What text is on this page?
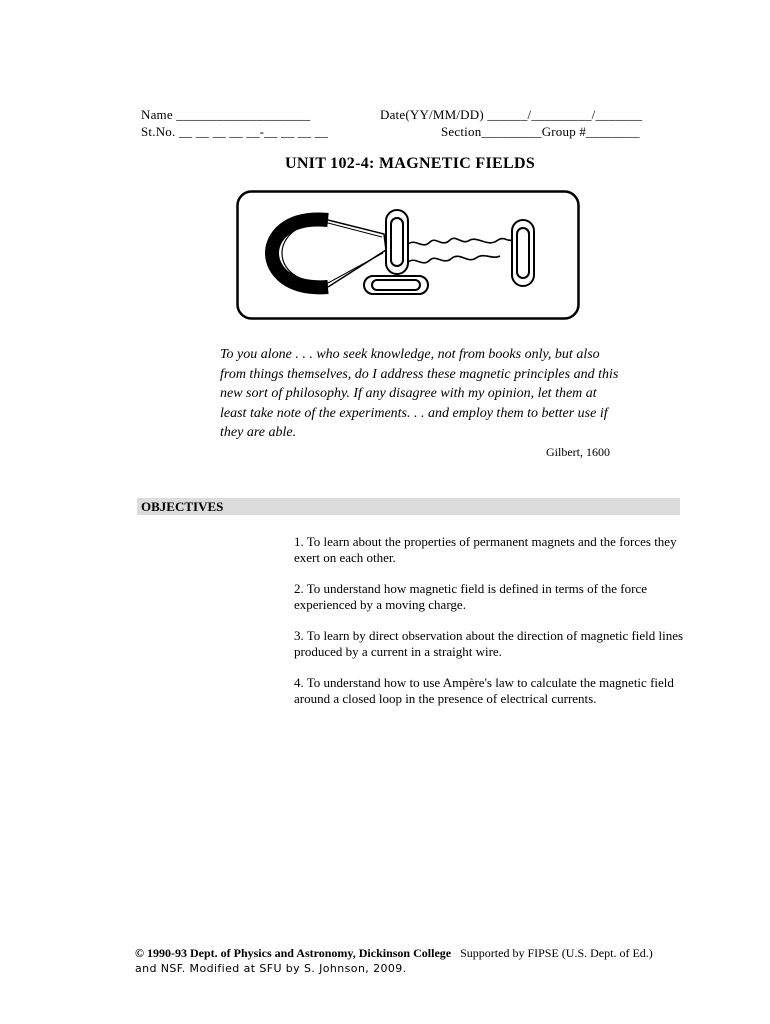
Name ____________________	Date(YY/MM/DD) ______/_________/_______
St.No. __ __ __ __ __-__ __ __ __	Section_________Group #________
UNIT 102-4: MAGNETIC FIELDS

To you alone . . . who seek knowledge, not from books only, but also from things themselves, do I address these magnetic principles and this new sort of philosophy. If any disagree with my opinion, let them at least take note of the experiments. . . and employ them to better use if they are able.

Gilbert, 1600
OBJECTIVES
1. To learn about the properties of permanent magnets and the forces they exert on each other.
2. To understand how magnetic field is defined in terms of the force experienced by a moving charge.
3. To learn by direct observation about the direction of magnetic field lines produced by a current in a straight wire.
4. To understand how to use Ampère's law to calculate the magnetic field around a closed loop in the presence of electrical currents.
© 1990-93 Dept. of Physics and Astronomy, Dickinson College Supported by FIPSE (U.S. Dept. of Ed.)
and NSF. Modified at SFU by S. Johnson, 2009.
